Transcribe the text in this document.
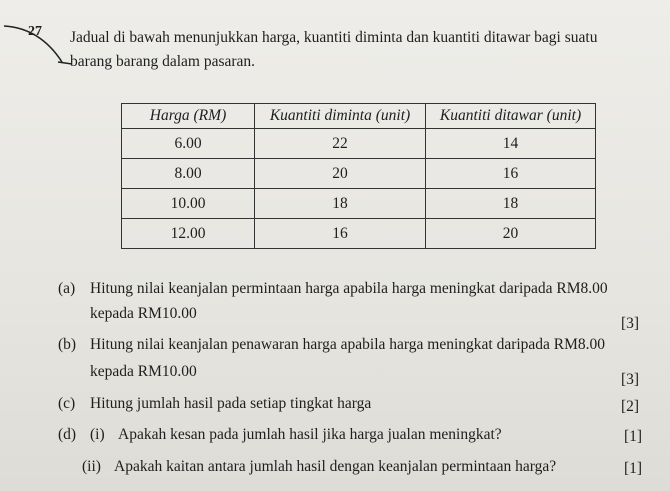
27 Jadual di bawah menunjukkan harga, kuantiti diminta dan kuantiti ditawar bagi suatu
barang barang dalam pasaran.
Harga (RM)	Kuantiti diminta (unit)	Kuantiti ditawar (unit)
6.00	22	14
8.00	20	16
10.00	18	18
12.00	16	20
(a) Hitung nilai keanjalan permintaan harga apabila harga meningkat daripada RM8.00
kepada RM10.00
[3]
(b) Hitung nilai keanjalan penawaran harga apabila harga meningkat daripada RM8.00
kepada RM10.00	[3]
(c) Hitung jumlah hasil pada setiap tingkat harga	[2]
(d) (i) Apakah kesan pada jumlah hasil jika harga jualan meningkat?	[1]
(ii) Apakah kaitan antara jumlah hasil dengan keanjalan permintaan harga?	[1]
